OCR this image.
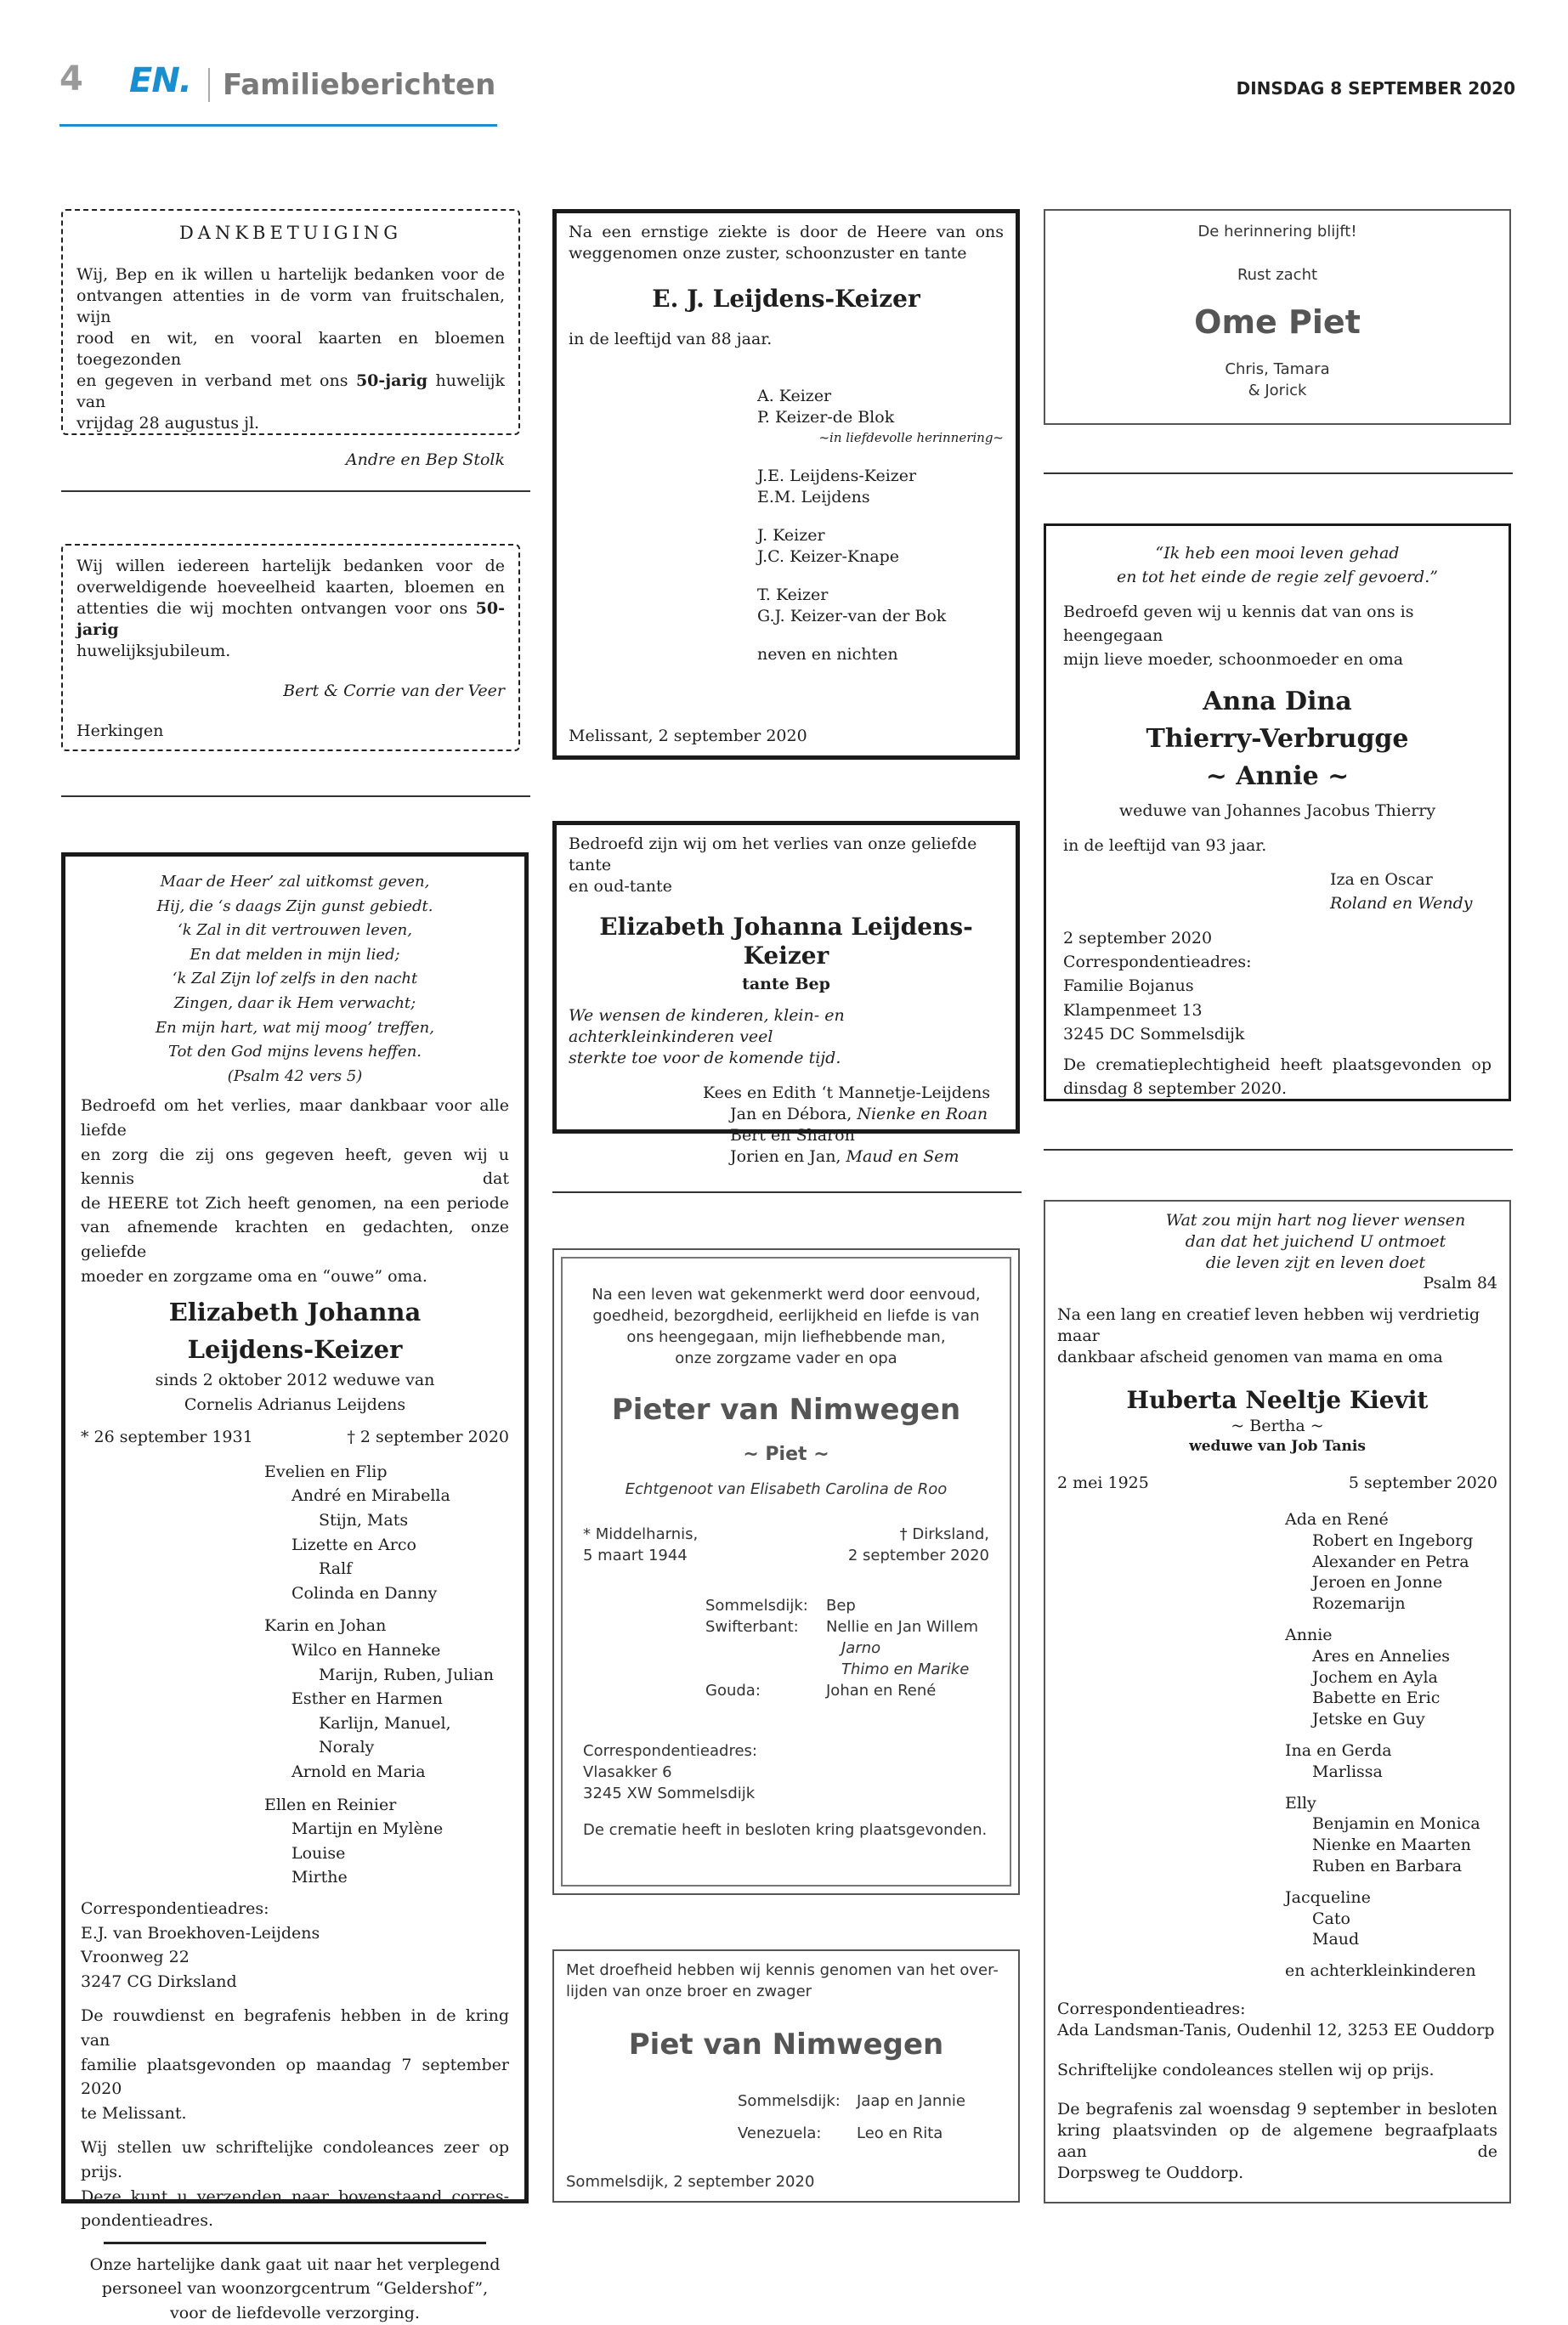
4 EN. Familieberichten	DINSDAG 8 SEPTEMBER 2020
DANKBETUIGING
Wij, Bep en ik willen u hartelijk bedanken voor de
ontvangen attenties in de vorm van fruitschalen, wijn
rood en wit, en vooral kaarten en bloemen toegezonden
en gegeven in verband met ons 50-jarig huwelijk van
vrijdag 28 augustus jl.
Andre en Bep Stolk
Wij willen iedereen hartelijk bedanken voor de
overweldigende hoeveelheid kaarten, bloemen en
attenties die wij mochten ontvangen voor ons 50- jarig
huwelijksjubileum.
Bert & Corrie van der Veer
Herkingen
Maar de Heer’ zal uitkomst geven,
Hij, die ‘s daags Zijn gunst gebiedt.
‘k Zal in dit vertrouwen leven,
En dat melden in mijn lied;
‘k Zal Zijn lof zelfs in den nacht
Zingen, daar ik Hem verwacht;
En mijn hart, wat mij moog’ treffen,
Tot den God mijns levens heffen.
(Psalm 42 vers 5)
Bedroefd om het verlies, maar dankbaar voor alle liefde
en zorg die zij ons gegeven heeft, geven wij u kennis dat
de HEERE tot Zich heeft genomen, na een periode
van afnemende krachten en gedachten, onze geliefde
moeder en zorgzame oma en “ouwe” oma.
Elizabeth Johanna
Leijdens-Keizer
sinds 2 oktober 2012 weduwe van
Cornelis Adrianus Leijdens
* 26 september 1931	† 2 september 2020
Evelien en Flip
André en Mirabella
Stijn, Mats
Lizette en Arco
Ralf
Colinda en Danny
Karin en Johan
Wilco en Hanneke
Marijn, Ruben, Julian
Esther en Harmen
Karlijn, Manuel, Noraly
Arnold en Maria
Ellen en Reinier
Martijn en Mylène
Louise
Mirthe
Correspondentieadres:
E.J. van Broekhoven-Leijdens
Vroonweg 22
3247 CG Dirksland
De rouwdienst en begrafenis hebben in de kring van
familie plaatsgevonden op maandag 7 september 2020
te Melissant.
Wij stellen uw schriftelijke condoleances zeer op prijs.
Deze kunt u verzenden naar bovenstaand corres-
pondentieadres.
Onze hartelijke dank gaat uit naar het verplegend
personeel van woonzorgcentrum “Geldershof”,
voor de liefdevolle verzorging.
Na een ernstige ziekte is door de Heere van ons
weggenomen onze zuster, schoonzuster en tante
E. J. Leijdens-Keizer
in de leeftijd van 88 jaar.
A. Keizer
P. Keizer-de Blok
~in liefdevolle herinnering~
J.E. Leijdens-Keizer
E.M. Leijdens
J. Keizer
J.C. Keizer-Knape
T. Keizer
G.J. Keizer-van der Bok
neven en nichten
Melissant, 2 september 2020
Bedroefd zijn wij om het verlies van onze geliefde tante
en oud-tante
Elizabeth Johanna Leijdens-Keizer
tante Bep
We wensen de kinderen, klein- en achterkleinkinderen veel
sterkte toe voor de komende tijd.
Kees en Edith ‘t Mannetje-Leijdens
Jan en Débora, Nienke en Roan
Bert en Sharon
Jorien en Jan, Maud en Sem
Na een leven wat gekenmerkt werd door eenvoud,
goedheid, bezorgdheid, eerlijkheid en liefde is van
ons heengegaan, mijn liefhebbende man,
onze zorgzame vader en opa
Pieter van Nimwegen
~ Piet ~
Echtgenoot van Elisabeth Carolina de Roo
* Middelharnis,
5 maart 1944
† Dirksland,
2 september 2020
Sommelsdijk:	Bep
Swifterbant:	Nellie en Jan Willem
Jarno
Thimo en Marike
Gouda:	Johan en René
Correspondentieadres:
Vlasakker 6
3245 XW Sommelsdijk
De crematie heeft in besloten kring plaatsgevonden.
Met droefheid hebben wij kennis genomen van het over-
lijden van onze broer en zwager
Piet van Nimwegen
Sommelsdijk:	Jaap en Jannie
Venezuela:	Leo en Rita
Sommelsdijk, 2 september 2020
De herinnering blijft!
Rust zacht
Ome Piet
Chris, Tamara
& Jorick
“Ik heb een mooi leven gehad
en tot het einde de regie zelf gevoerd.”
Bedroefd geven wij u kennis dat van ons is heengegaan
mijn lieve moeder, schoonmoeder en oma
Anna Dina
Thierry-Verbrugge
~ Annie ~
weduwe van Johannes Jacobus Thierry
in de leeftijd van 93 jaar.
Iza en Oscar
Roland en Wendy
2 september 2020
Correspondentieadres:
Familie Bojanus
Klampenmeet 13
3245 DC Sommelsdijk
De crematieplechtigheid heeft plaatsgevonden op
dinsdag 8 september 2020.
Wat zou mijn hart nog liever wensen
dan dat het juichend U ontmoet
die leven zijt en leven doet
Psalm 84
Na een lang en creatief leven hebben wij verdrietig maar
dankbaar afscheid genomen van mama en oma
Huberta Neeltje Kievit
~ Bertha ~
weduwe van Job Tanis
2 mei 1925	5 september 2020
Ada en René
Robert en Ingeborg
Alexander en Petra
Jeroen en Jonne
Rozemarijn
Annie
Ares en Annelies
Jochem en Ayla
Babette en Eric
Jetske en Guy
Ina en Gerda
Marlissa
Elly
Benjamin en Monica
Nienke en Maarten
Ruben en Barbara
Jacqueline
Cato
Maud
en achterkleinkinderen
Correspondentieadres:
Ada Landsman-Tanis, Oudenhil 12, 3253 EE Ouddorp
Schriftelijke condoleances stellen wij op prijs.
De begrafenis zal woensdag 9 september in besloten
kring plaatsvinden op de algemene begraafplaats aan de
Dorpsweg te Ouddorp.
